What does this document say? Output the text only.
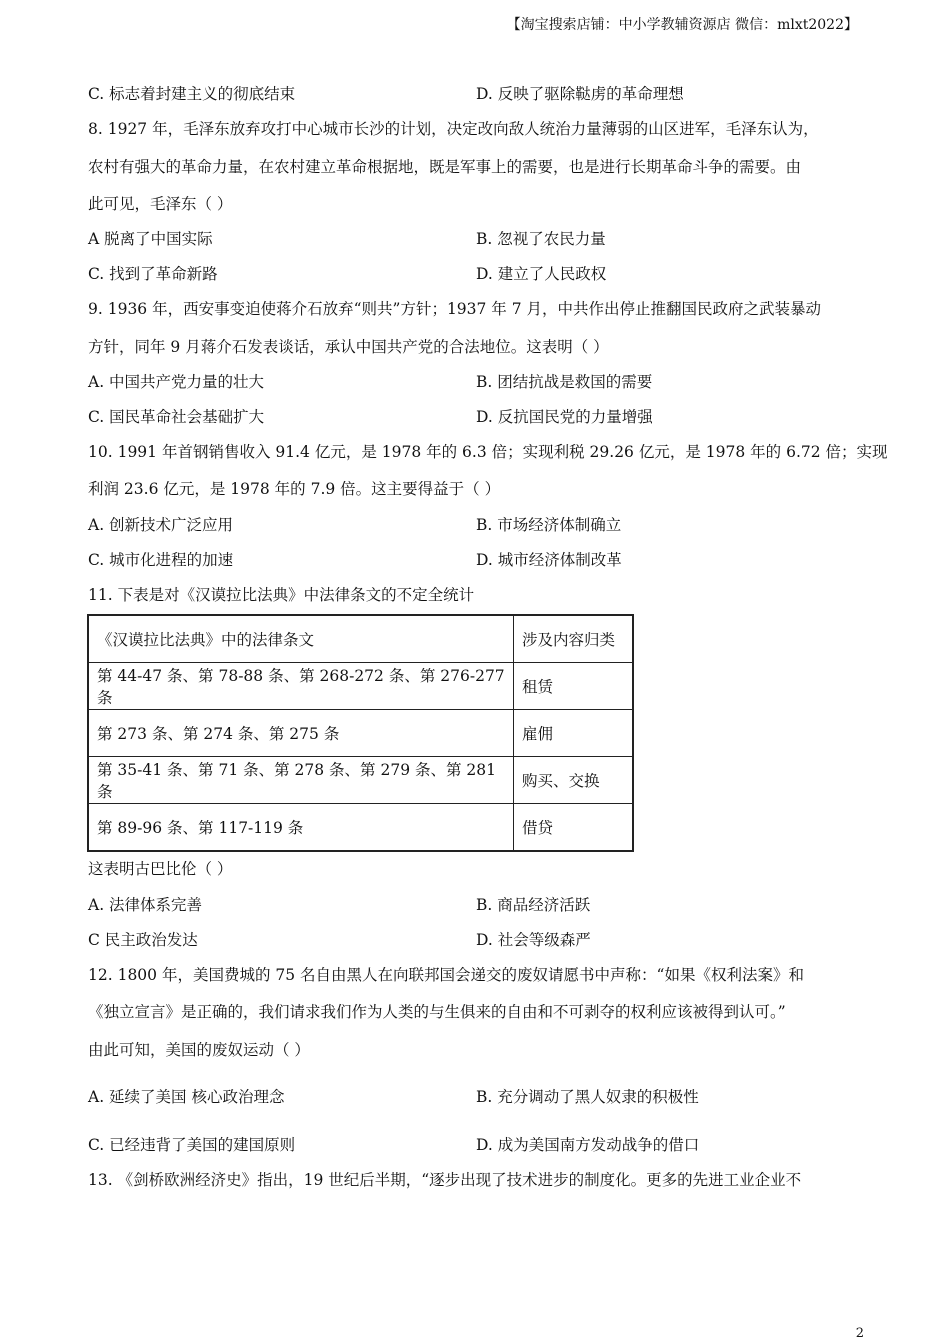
【淘宝搜索店铺：中小学教辅资源店 微信：mlxt2022】
C. 标志着封建主义的彻底结束	D. 反映了驱除鞑虏的革命理想
8. 1927 年，毛泽东放弃攻打中心城市长沙的计划，决定改向敌人统治力量薄弱的山区进军，毛泽东认为，
农村有强大的革命力量，在农村建立革命根据地，既是军事上的需要，也是进行长期革命斗争的需要。由
此可见，毛泽东（ ）
A 脱离了中国实际	B. 忽视了农民力量
C. 找到了革命新路	D. 建立了人民政权
9. 1936 年，西安事变迫使蒋介石放弃“则共”方针；1937 年 7 月，中共作出停止推翻国民政府之武装暴动
方针，同年 9 月蒋介石发表谈话，承认中国共产党的合法地位。这表明（ ）
A. 中国共产党力量的壮大	B. 团结抗战是救国的需要
C. 国民革命社会基础扩大	D. 反抗国民党的力量增强
10. 1991 年首钢销售收入 91.4 亿元，是 1978 年的 6.3 倍；实现利税 29.26 亿元，是 1978 年的 6.72 倍；实现
利润 23.6 亿元，是 1978 年的 7.9 倍。这主要得益于（ ）
A. 创新技术广泛应用	B. 市场经济体制确立
C. 城市化进程的加速	D. 城市经济体制改革
11. 下表是对《汉谟拉比法典》中法律条文的不定全统计
《汉谟拉比法典》中的法律条文	涉及内容归类
第 44-47 条、第 78-88 条、第 268-272 条、第 276-277 条	租赁
第 273 条、第 274 条、第 275 条	雇佣
第 35-41 条、第 71 条、第 278 条、第 279 条、第 281 条	购买、交换
第 89-96 条、第 117-119 条	借贷
这表明古巴比伦（ ）
A. 法律体系完善	B. 商品经济活跃
C 民主政治发达	D. 社会等级森严
12. 1800 年，美国费城的 75 名自由黑人在向联邦国会递交的废奴请愿书中声称：“如果《权利法案》和
《独立宣言》是正确的，我们请求我们作为人类的与生俱来的自由和不可剥夺的权利应该被得到认可。”
由此可知，美国的废奴运动（ ）
A. 延续了美国 核心政治理念	B. 充分调动了黑人奴隶的积极性
C. 已经违背了美国的建国原则	D. 成为美国南方发动战争的借口
13. 《剑桥欧洲经济史》指出，19 世纪后半期，“逐步出现了技术进步的制度化。更多的先进工业企业不
2
